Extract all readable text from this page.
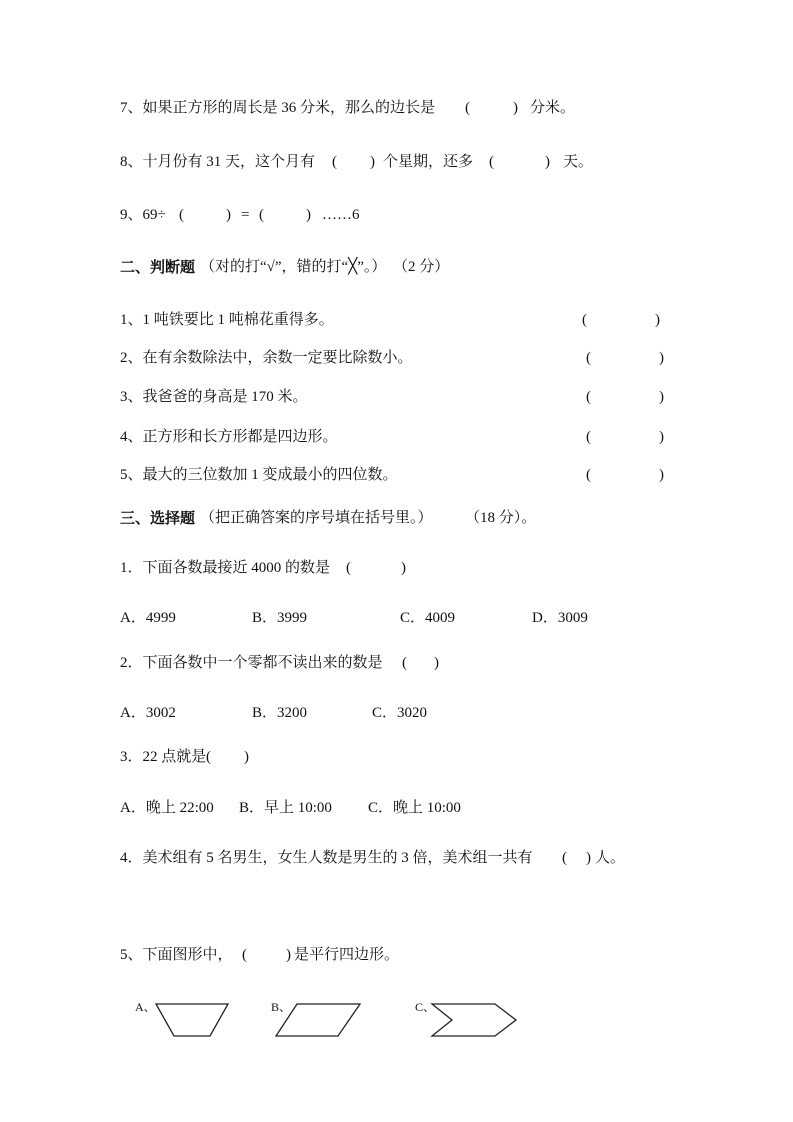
7、如果正方形的周长是 36 分米，那么的边长是 (	) 分米。
8、十月份有 31 天，这个月有 ( ) 个星期，还多 (	) 天。
9、69÷ (	) = (	) ……6
二、判断题 （对的打“√”，错的打“╳”。） （2 分）
1、1 吨铁要比 1 吨棉花重得多。	(	)
2、在有余数除法中，余数一定要比除数小。	(	)
3、我爸爸的身高是 170 米。	(	)
4、正方形和长方形都是四边形。	(	)
5、最大的三位数加 1 变成最小的四位数。	(	)
三、选择题 （把正确答案的序号填在括号里。） （18 分）。
1．下面各数最接近 4000 的数是 (	)
A．4999	B．3999	C．4009	D．3009
2．下面各数中一个零都不读出来的数是 ( )
A．3002	B．3200	C．3020
3．22 点就是 ( )
A．晚上 22:00 B．早上 10:00 C．晚上 10:00
4．美术组有 5 名男生，女生人数是男生的 3 倍，美术组一共有 ( ) 人。
5、下面图形中， (	) 是平行四边形。
A、	B、	C、
